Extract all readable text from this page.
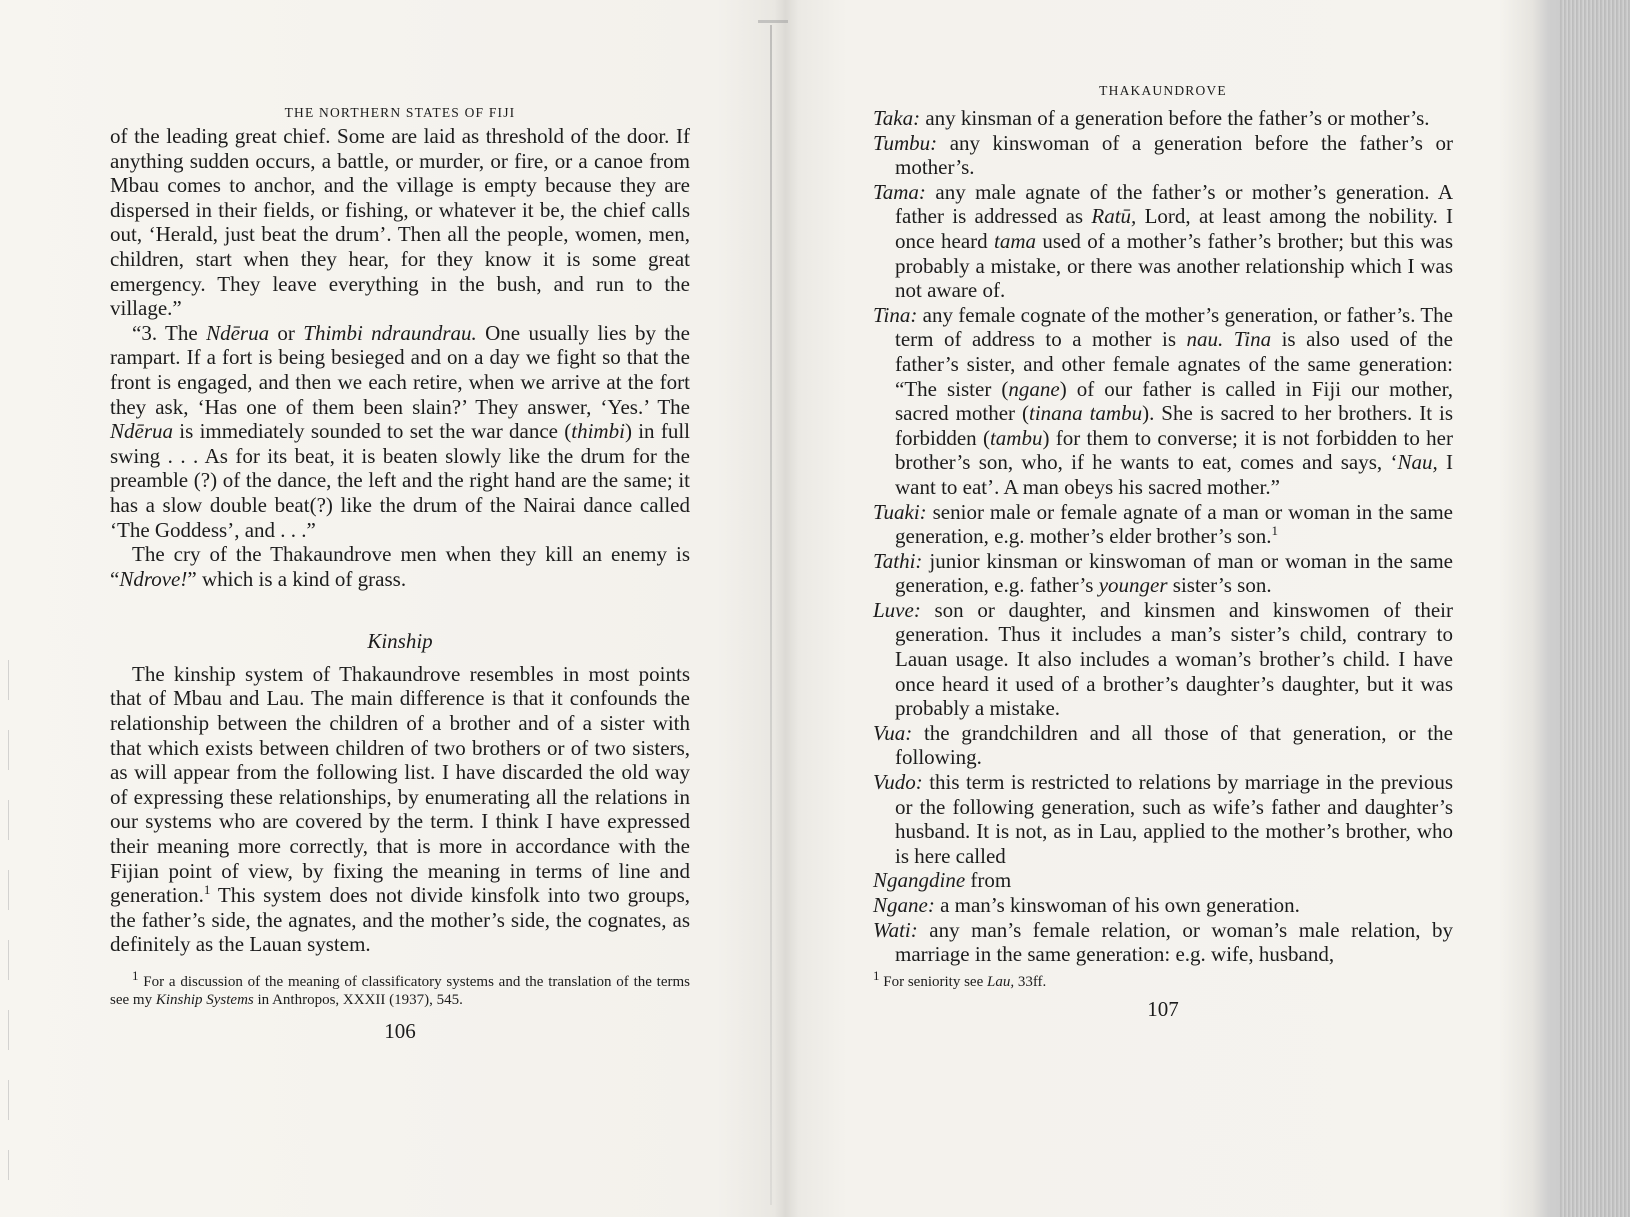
THE NORTHERN STATES OF FIJI

of the leading great chief. Some are laid as threshold of the door. If anything sudden occurs, a battle, or murder, or fire, or a canoe from Mbau comes to anchor, and the village is empty because they are dispersed in their fields, or fishing, or whatever it be, the chief calls out, ‘Herald, just beat the drum’. Then all the people, women, men, children, start when they hear, for they know it is some great emergency. They leave everything in the bush, and run to the village.”

“3. The Ndērua or Thimbi ndraundrau. One usually lies by the rampart. If a fort is being besieged and on a day we fight so that the front is engaged, and then we each retire, when we arrive at the fort they ask, ‘Has one of them been slain?’ They answer, ‘Yes.’ The Ndērua is immediately sounded to set the war dance (thimbi) in full swing . . . As for its beat, it is beaten slowly like the drum for the preamble (?) of the dance, the left and the right hand are the same; it has a slow double beat(?) like the drum of the Nairai dance called ‘The Goddess’, and . . .”

The cry of the Thakaundrove men when they kill an enemy is “Ndrove!” which is a kind of grass.

Kinship

The kinship system of Thakaundrove resembles in most points that of Mbau and Lau. The main difference is that it confounds the relationship between the children of a brother and of a sister with that which exists between children of two brothers or of two sisters, as will appear from the following list. I have discarded the old way of expressing these relationships, by enumerating all the relations in our systems who are covered by the term. I think I have expressed their meaning more correctly, that is more in accordance with the Fijian point of view, by fixing the meaning in terms of line and generation.$^1$ This system does not divide kinsfolk into two groups, the father’s side, the agnates, and the mother’s side, the cognates, as definitely as the Lauan system.

1 For a discussion of the meaning of classificatory systems and the translation of the terms see my Kinship Systems in Anthropos, XXXII (1937), 545.

106
THAKAUNDROVE

Taka: any kinsman of a generation before the father’s or mother’s.

Tumbu: any kinswoman of a generation before the father’s or mother’s.

Tama: any male agnate of the father’s or mother’s generation. A father is addressed as Ratū, Lord, at least among the nobility. I once heard tama used of a mother’s father’s brother; but this was probably a mistake, or there was another relationship which I was not aware of.

Tina: any female cognate of the mother’s generation, or father’s. The term of address to a mother is nau. Tina is also used of the father’s sister, and other female agnates of the same generation: “The sister (ngane) of our father is called in Fiji our mother, sacred mother (tinana tambu). She is sacred to her brothers. It is forbidden (tambu) for them to converse; it is not forbidden to her brother’s son, who, if he wants to eat, comes and says, ‘Nau, I want to eat’. A man obeys his sacred mother.”

Tuaki: senior male or female agnate of a man or woman in the same generation, e.g. mother’s elder brother’s son.$^1$

Tathi: junior kinsman or kinswoman of man or woman in the same generation, e.g. father’s younger sister’s son.

Luve: son or daughter, and kinsmen and kinswomen of their generation. Thus it includes a man’s sister’s child, contrary to Lauan usage. It also includes a woman’s brother’s child. I have once heard it used of a brother’s daughter’s daughter, but it was probably a mistake.

Vua: the grandchildren and all those of that generation, or the following.

Vudo: this term is restricted to relations by marriage in the previous or the following generation, such as wife’s father and daughter’s husband. It is not, as in Lau, applied to the mother’s brother, who is here called

Ngangdine from

Ngane: a man’s kinswoman of his own generation.

Wati: any man’s female relation, or woman’s male relation, by marriage in the same generation: e.g. wife, husband,

1 For seniority see Lau, 33ff.

107
